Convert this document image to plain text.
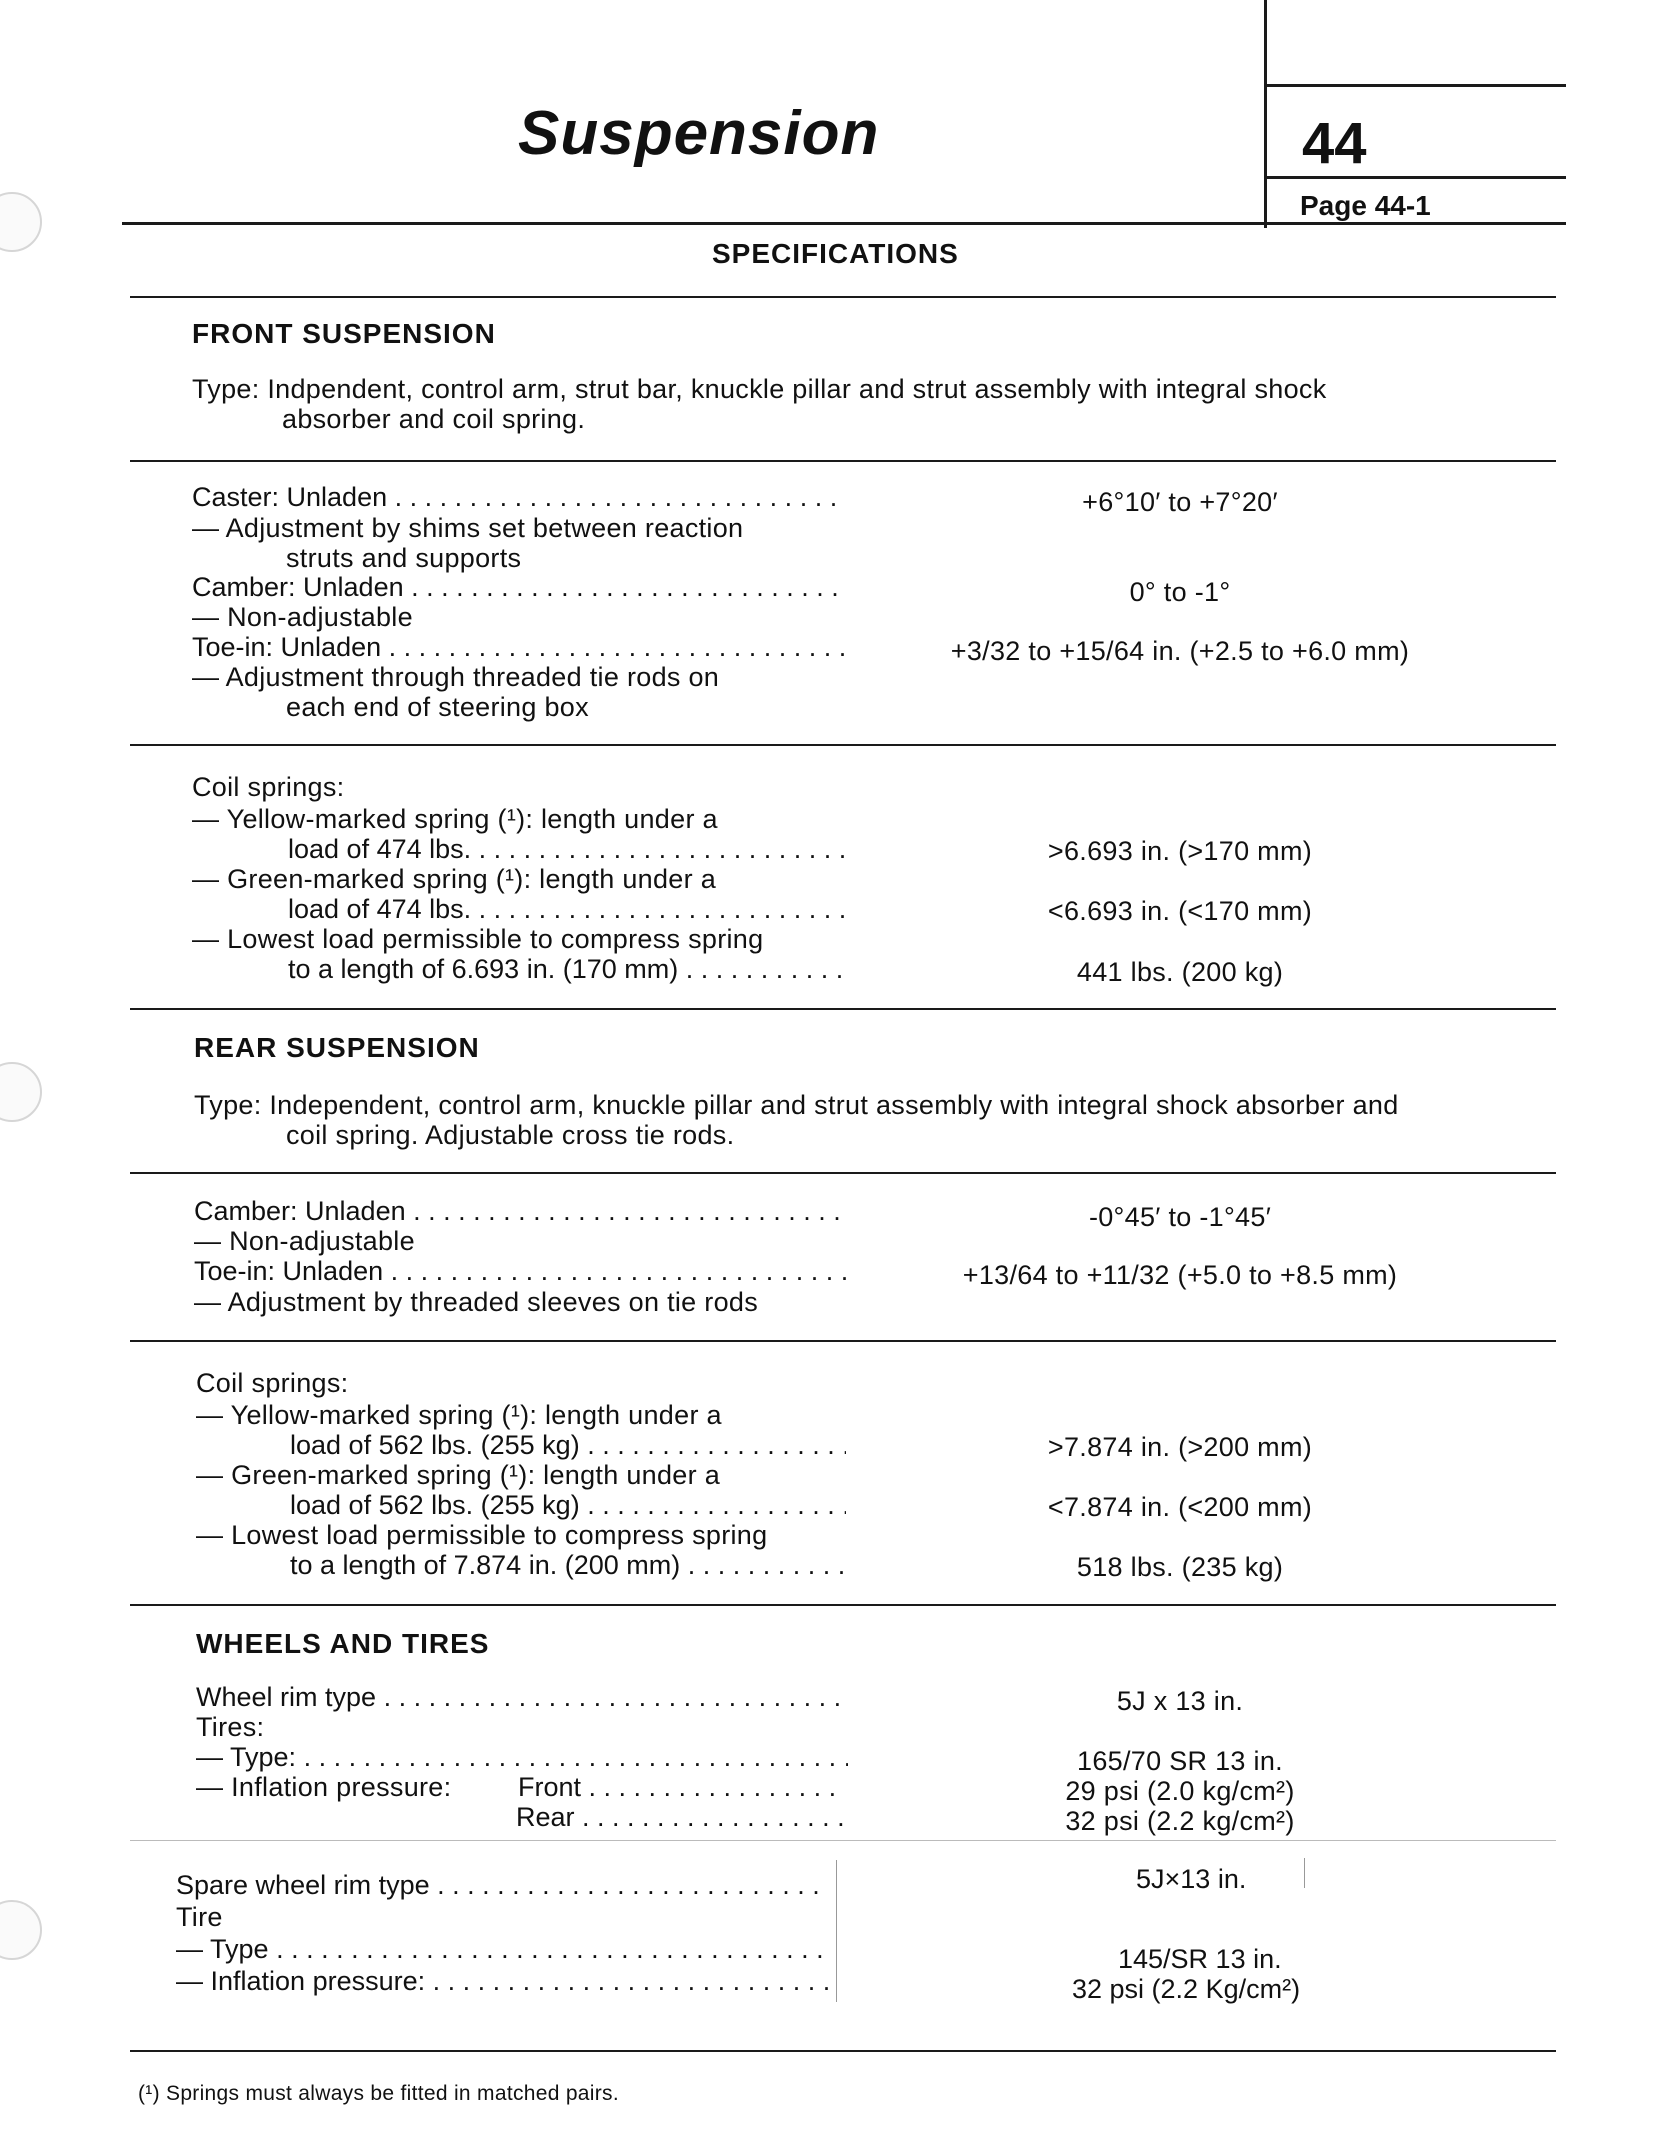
Suspension	44
Page 44-1
SPECIFICATIONS
FRONT SUSPENSION
Type: Indpendent, control arm, strut bar, knuckle pillar and strut assembly with integral shock
absorber and coil spring.
Caster: Unladen . . .	+6°10′ to +7°20′
— Adjustment by shims set between reaction
struts and supports
Camber: Unladen . . .	0° to -1°
— Non-adjustable
Toe-in: Unladen . . .	+3/32 to +15/64 in. (+2.5 to +6.0 mm)
— Adjustment through threaded tie rods on
each end of steering box
Coil springs:
— Yellow-marked spring (¹): length under a
load of 474 lbs. . . .	>6.693 in. (>170 mm)
— Green-marked spring (¹): length under a
load of 474 lbs. . . .	<6.693 in. (<170 mm)
— Lowest load permissible to compress spring
to a length of 6.693 in. (170 mm) . . .	441 lbs. (200 kg)
REAR SUSPENSION
Type: Independent, control arm, knuckle pillar and strut assembly with integral shock absorber and
coil spring. Adjustable cross tie rods.
Camber: Unladen . . .	-0°45′ to -1°45′
— Non-adjustable
Toe-in: Unladen . . .	+13/64 to +11/32 (+5.0 to +8.5 mm)
— Adjustment by threaded sleeves on tie rods
Coil springs:
— Yellow-marked spring (¹): length under a
load of 562 lbs. (255 kg) . . .	>7.874 in. (>200 mm)
— Green-marked spring (¹): length under a
load of 562 lbs. (255 kg) . . .	<7.874 in. (<200 mm)
— Lowest load permissible to compress spring
to a length of 7.874 in. (200 mm) . . .	518 lbs. (235 kg)
WHEELS AND TIRES
Wheel rim type . . .	5J x 13 in.
Tires:
— Type: . . .	165/70 SR 13 in.
— Inflation pressure: Front . . .	29 psi (2.0 kg/cm²)
Rear . . .	32 psi (2.2 kg/cm²)
Spare wheel rim type . . .	5J×13 in.
Tire
— Type . . .	145/SR 13 in.
— Inflation pressure: . . .	32 psi (2.2 Kg/cm²)
(¹) Springs must always be fitted in matched pairs.
